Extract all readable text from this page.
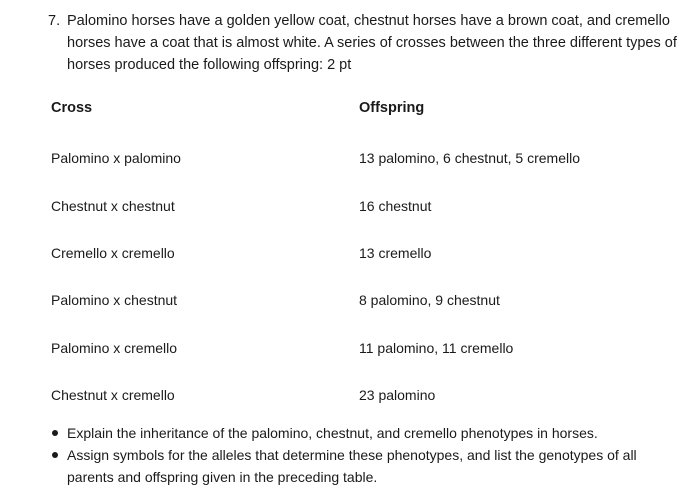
7. Palomino horses have a golden yellow coat, chestnut horses have a brown coat, and cremello horses have a coat that is almost white. A series of crosses between the three different types of horses produced the following offspring: 2 pt
Cross	Offspring
Palomino x palomino	13 palomino, 6 chestnut, 5 cremello
Chestnut x chestnut	16 chestnut
Cremello x cremello	13 cremello
Palomino x chestnut	8 palomino, 9 chestnut
Palomino x cremello	11 palomino, 11 cremello
Chestnut x cremello	23 palomino
Explain the inheritance of the palomino, chestnut, and cremello phenotypes in horses.
Assign symbols for the alleles that determine these phenotypes, and list the genotypes of all parents and offspring given in the preceding table.
